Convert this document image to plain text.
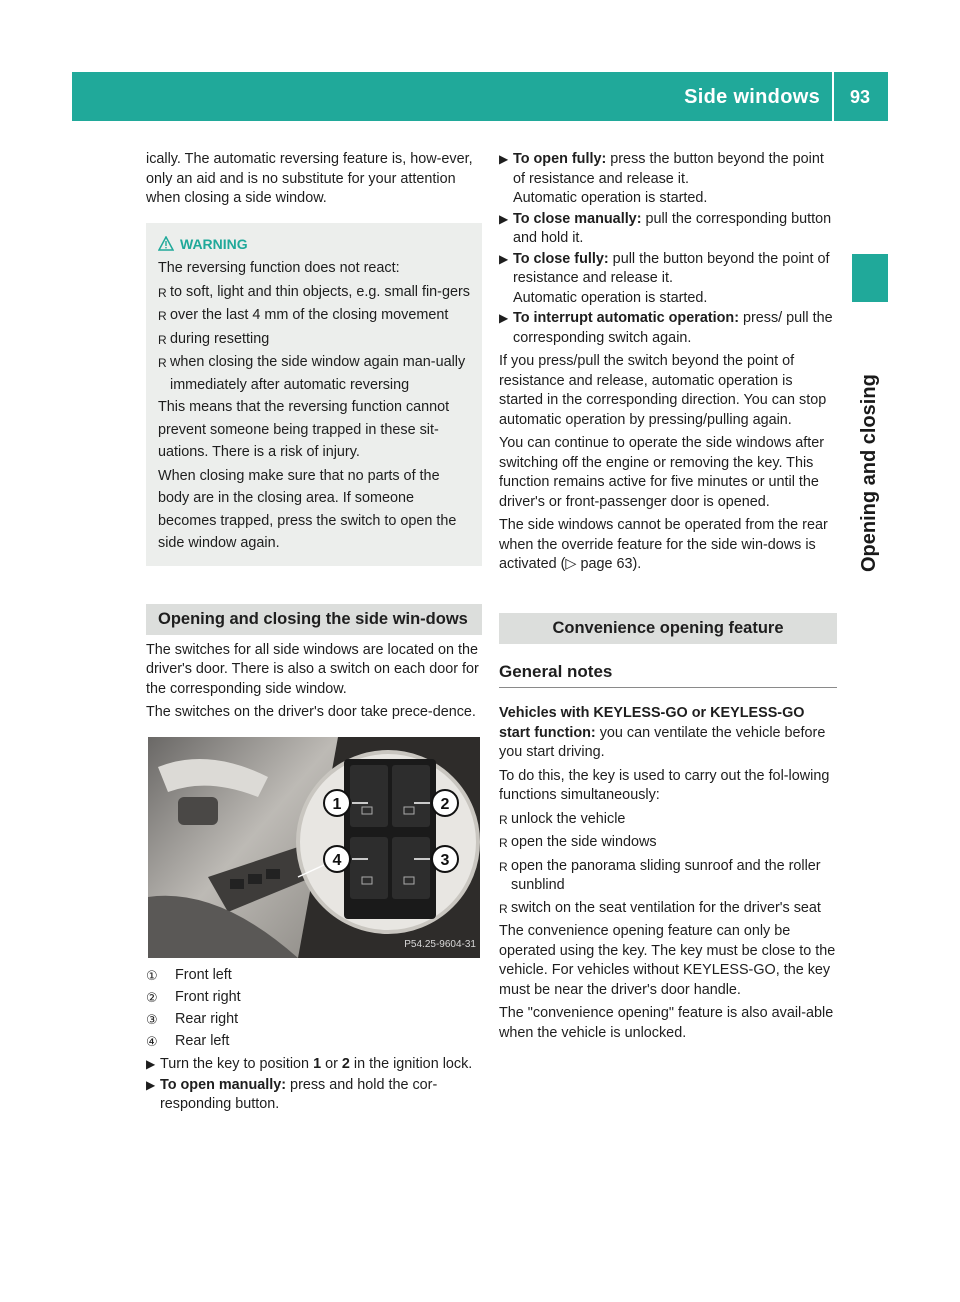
Side windows 93
Opening and closing

ically. The automatic reversing feature is, how-ever, only an aid and is no substitute for your attention when closing a side window.

WARNING

The reversing function does not react:

R to soft, light and thin objects, e.g. small fin-gers
R over the last 4 mm of the closing movement
R during resetting
R when closing the side window again man-ually immediately after automatic reversing

This means that the reversing function cannot prevent someone being trapped in these sit-uations. There is a risk of injury.

When closing make sure that no parts of the body are in the closing area. If someone becomes trapped, press the switch to open the side window again.

Opening and closing the side win-dows

The switches for all side windows are located on the driver's door. There is also a switch on each door for the corresponding side window.

The switches on the driver's door take prece-dence.

1	2
3
4
P54.25-9604-31
①	Front left
②	Front right
③	Rear right
④	Rear left
▶ Turn the key to position 1 or 2 in the ignition lock.
▶ To open manually: press and hold the cor-responding button.
▶ To open fully: press the button beyond the point of resistance and release it.
Automatic operation is started.
▶ To close manually: pull the corresponding button and hold it.
▶ To close fully: pull the button beyond the point of resistance and release it.
Automatic operation is started.
▶ To interrupt automatic operation: press/ pull the corresponding switch again.

If you press/pull the switch beyond the point of resistance and release, automatic operation is started in the corresponding direction. You can stop automatic operation by pressing/pulling again.

You can continue to operate the side windows after switching off the engine or removing the key. This function remains active for five minutes or until the driver's or front-passenger door is opened.

The side windows cannot be operated from the rear when the override feature for the side win-dows is activated (▷ page 63).

Convenience opening feature
General notes

Vehicles with KEYLESS-GO or KEYLESS-GO start function: you can ventilate the vehicle before you start driving.

To do this, the key is used to carry out the fol-lowing functions simultaneously:

R unlock the vehicle
R open the side windows
R open the panorama sliding sunroof and the roller sunblind
R switch on the seat ventilation for the driver's seat

The convenience opening feature can only be operated using the key. The key must be close to the vehicle. For vehicles without KEYLESS-GO, the key must be near the driver's door handle.

The "convenience opening" feature is also avail-able when the vehicle is unlocked.
